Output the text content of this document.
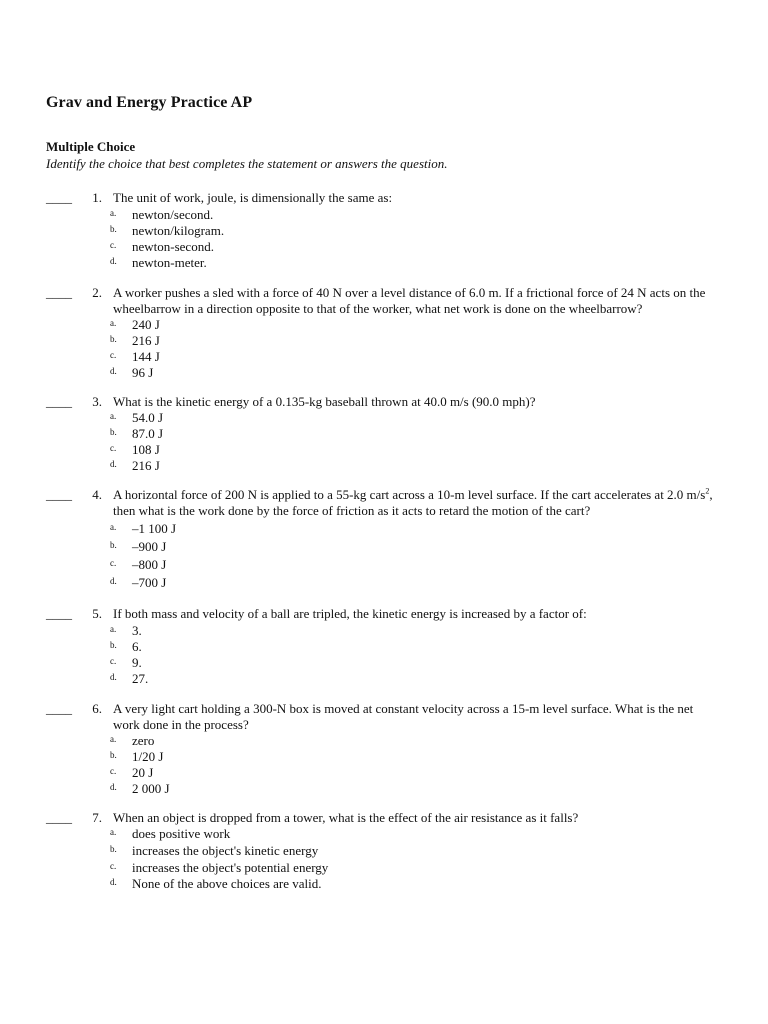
Grav and Energy Practice AP
Multiple Choice
Identify the choice that best completes the statement or answers the question.
____	1. The unit of work, joule, is dimensionally the same as:
a. newton/second.
b. newton/kilogram.
c. newton-second.
d. newton-meter.
____	2. A worker pushes a sled with a force of 40 N over a level distance of 6.0 m. If a frictional force of 24 N acts on the wheelbarrow in a direction opposite to that of the worker, what net work is done on the wheelbarrow?
a. 240 J
b. 216 J
c. 144 J
d. 96 J
____	3. What is the kinetic energy of a 0.135-kg baseball thrown at 40.0 m/s (90.0 mph)?
a. 54.0 J
b. 87.0 J
c. 108 J
d. 216 J
____	4. A horizontal force of 200 N is applied to a 55-kg cart across a 10-m level surface. If the cart accelerates at 2.0 $m/s^2$, then what is the work done by the force of friction as it acts to retard the motion of the cart?
a. –1 100 J
b. –900 J
c. –800 J
d. –700 J
____	5. If both mass and velocity of a ball are tripled, the kinetic energy is increased by a factor of:
a. 3.
b. 6.
c. 9.
d. 27.
____	6. A very light cart holding a 300-N box is moved at constant velocity across a 15-m level surface. What is the net work done in the process?
a. zero
b. 1/20 J
c. 20 J
d. 2 000 J
____	7. When an object is dropped from a tower, what is the effect of the air resistance as it falls?
a. does positive work
b. increases the object's kinetic energy
c. increases the object's potential energy
d. None of the above choices are valid.
